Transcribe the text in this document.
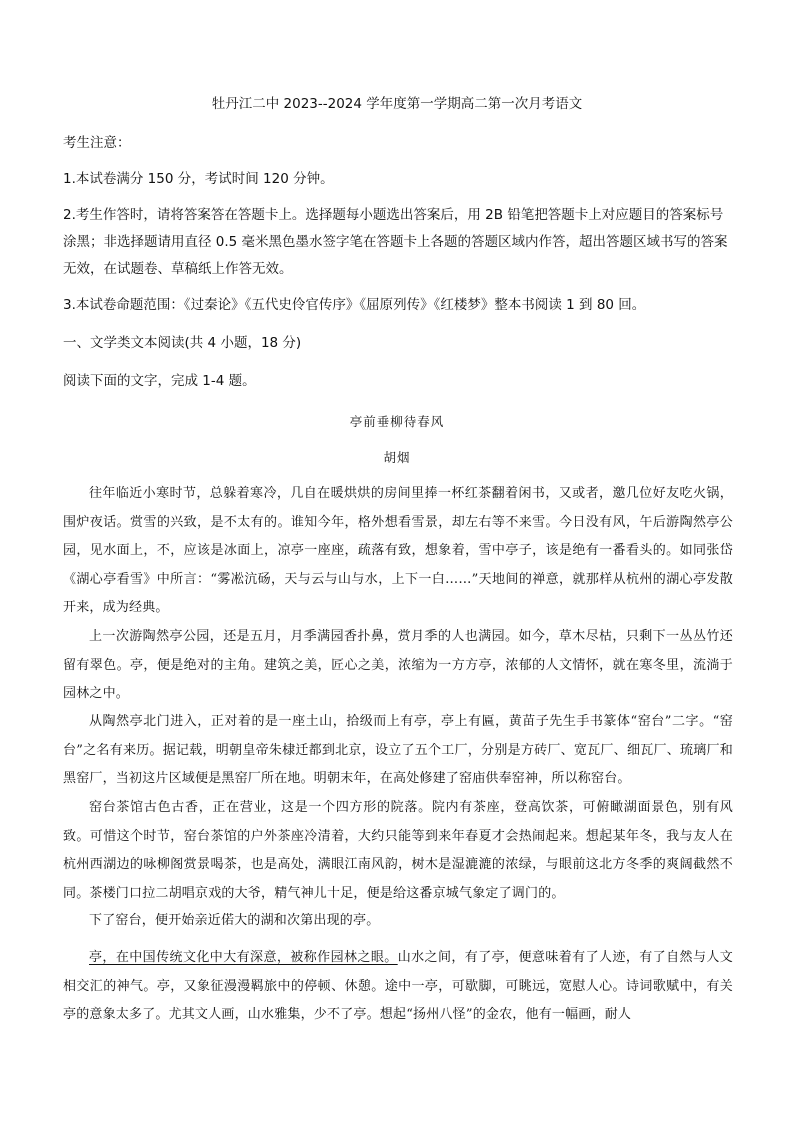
牡丹江二中 2023--2024 学年度第一学期高二第一次月考语文
考生注意：
1.本试卷满分 150 分，考试时间 120 分钟。
2.考生作答时，请将答案答在答题卡上。选择题每小题选出答案后，用 2B 铅笔把答题卡上对应题目的答案标号涂黑；非选择题请用直径 0.5 毫米黑色墨水签字笔在答题卡上各题的答题区域内作答，超出答题区域书写的答案无效，在试题卷、草稿纸上作答无效。
3.本试卷命题范围：《过秦论》《五代史伶官传序》《屈原列传》《红楼梦》整本书阅读 1 到 80 回。
一、文学类文本阅读(共 4 小题，18 分)
阅读下面的文字，完成 1-4 题。
亭前垂柳待春风
胡烟
往年临近小寒时节，总躲着寒冷，几自在暖烘烘的房间里捧一杯红茶翻着闲书，又或者，邀几位好友吃火锅，围炉夜话。赏雪的兴致，是不太有的。谁知今年，格外想看雪景，却左右等不来雪。今日没有风，午后游陶然亭公园，见水面上，不，应该是冰面上，凉亭一座座，疏落有致，想象着，雪中亭子，该是绝有一番看头的。如同张岱《湖心亭看雪》中所言：“雾凇沆砀，天与云与山与水，上下一白……”天地间的禅意，就那样从杭州的湖心亭发散开来，成为经典。
上一次游陶然亭公园，还是五月，月季满园香扑鼻，赏月季的人也满园。如今，草木尽枯，只剩下一丛丛竹还留有翠色。亭，便是绝对的主角。建筑之美，匠心之美，浓缩为一方方亭，浓郁的人文情怀，就在寒冬里，流淌于园林之中。
从陶然亭北门进入，正对着的是一座土山，拾级而上有亭，亭上有匾，黄苗子先生手书篆体“窑台”二字。“窑台”之名有来历。据记载，明朝皇帝朱棣迁都到北京，设立了五个工厂，分别是方砖厂、宽瓦厂、细瓦厂、琉璃厂和黑窑厂，当初这片区域便是黑窑厂所在地。明朝末年，在高处修建了窑庙供奉窑神，所以称窑台。
窑台茶馆古色古香，正在营业，这是一个四方形的院落。院内有茶座，登高饮茶，可俯瞰湖面景色，别有风致。可惜这个时节，窑台茶馆的户外茶座冷清着，大约只能等到来年春夏才会热闹起来。想起某年冬，我与友人在杭州西湖边的咏柳阁赏景喝茶，也是高处，满眼江南风韵，树木是湿漉漉的浓绿，与眼前这北方冬季的爽阔截然不同。茶楼门口拉二胡唱京戏的大爷，精气神儿十足，便是给这番京城气象定了调门的。
下了窑台，便开始亲近偌大的湖和次第出现的亭。
亭，在中国传统文化中大有深意，被称作园林之眼。山水之间，有了亭，便意味着有了人迹，有了自然与人文相交汇的神气。亭，又象征漫漫羁旅中的停顿、休憩。途中一亭，可歇脚，可眺远，宽慰人心。诗词歌赋中，有关亭的意象太多了。尤其文人画，山水雅集，少不了亭。想起“扬州八怪”的金农，他有一幅画，耐人
